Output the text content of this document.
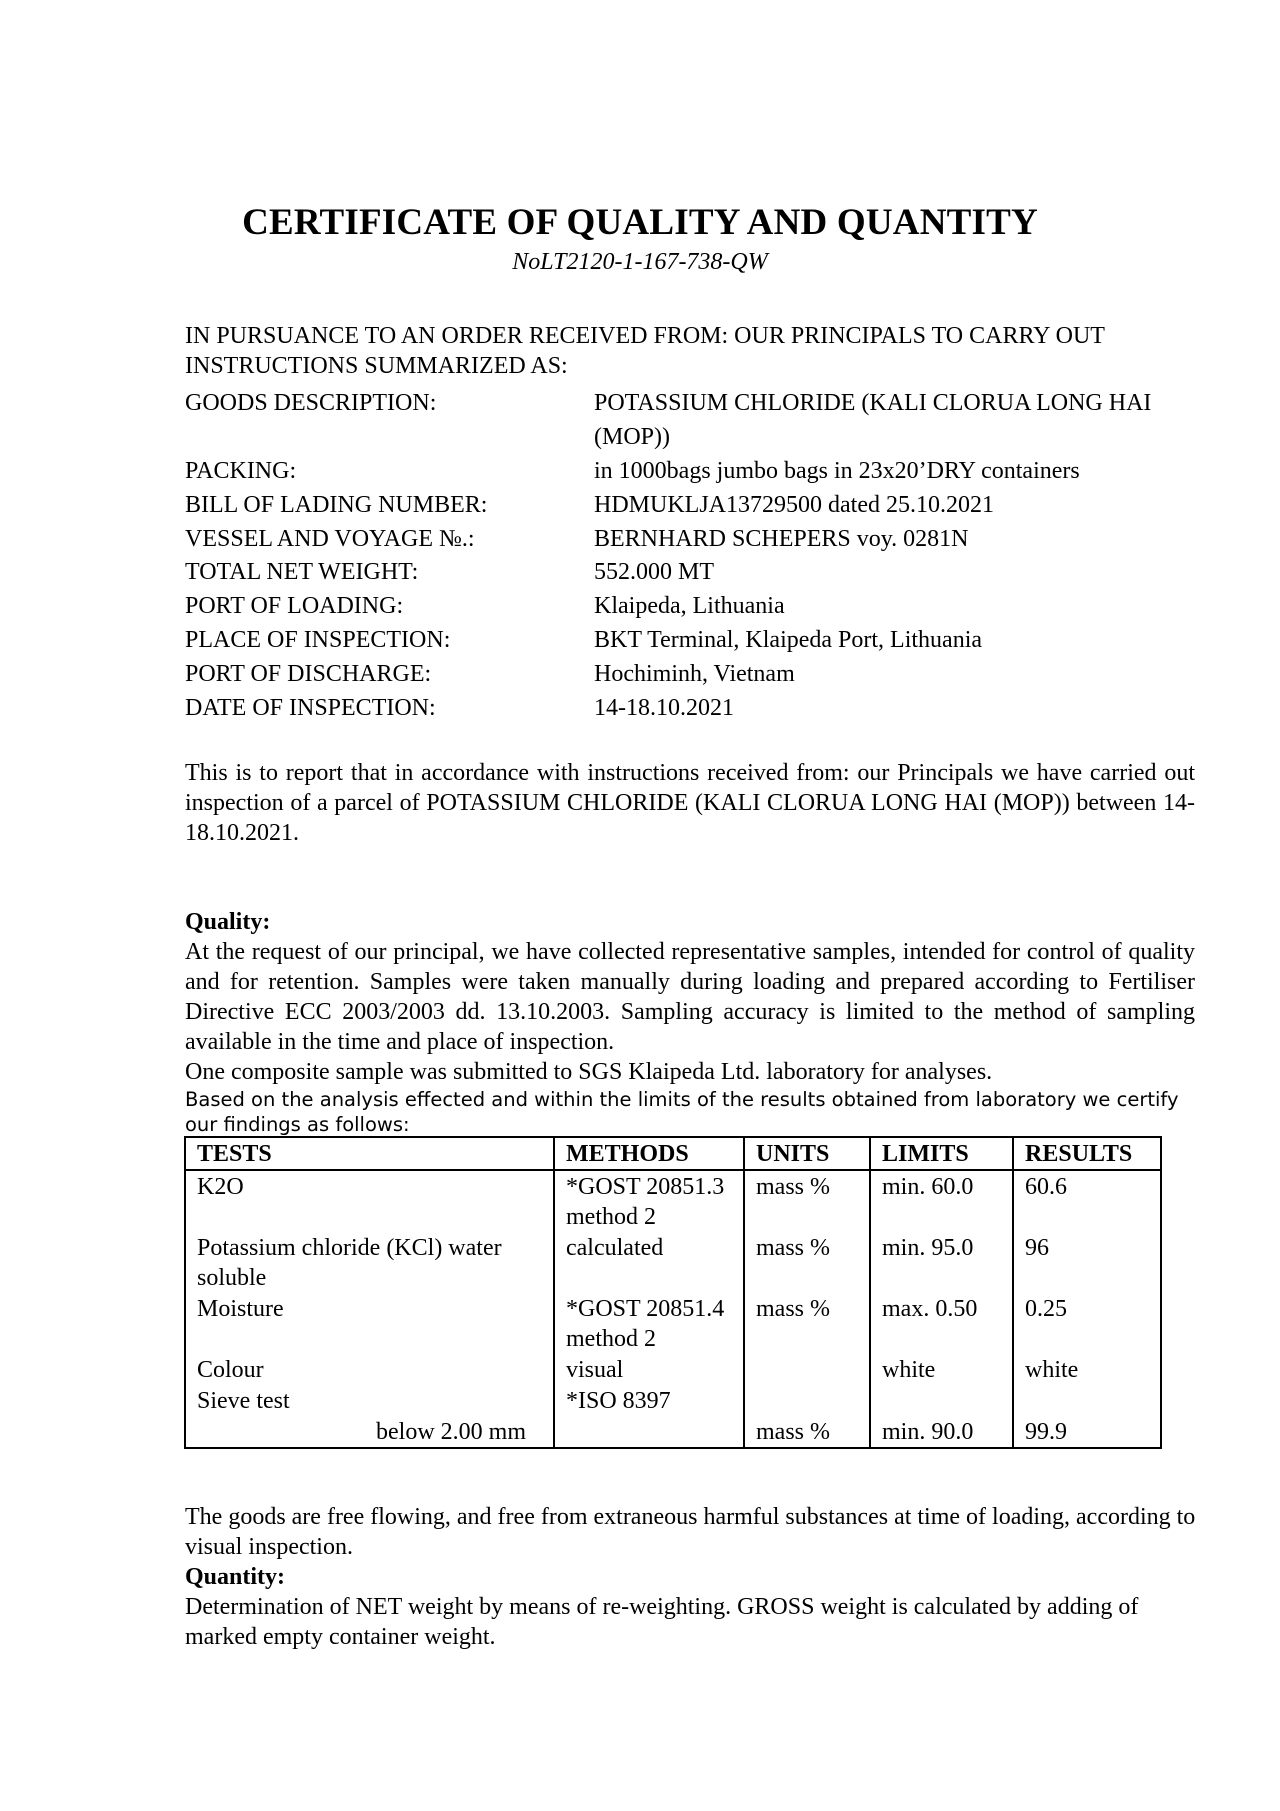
CERTIFICATE OF QUALITY AND QUANTITY
NoLT2120-1-167-738-QW

IN PURSUANCE TO AN ORDER RECEIVED FROM: OUR PRINCIPALS TO CARRY OUT INSTRUCTIONS SUMMARIZED AS:

GOODS DESCRIPTION:	POTASSIUM CHLORIDE (KALI CLORUA LONG HAI (MOP))
PACKING:	in 1000bags jumbo bags in 23x20’DRY containers
BILL OF LADING NUMBER:	HDMUKLJA13729500 dated 25.10.2021
VESSEL AND VOYAGE №.:	BERNHARD SCHEPERS voy. 0281N
TOTAL NET WEIGHT:	552.000 MT
PORT OF LOADING:	Klaipeda, Lithuania
PLACE OF INSPECTION:	BKT Terminal, Klaipeda Port, Lithuania
PORT OF DISCHARGE:	Hochiminh, Vietnam
DATE OF INSPECTION:	14-18.10.2021

This is to report that in accordance with instructions received from: our Principals we have carried out inspection of a parcel of POTASSIUM CHLORIDE (KALI CLORUA LONG HAI (MOP)) between 14-18.10.2021.

Quality:

At the request of our principal, we have collected representative samples, intended for control of quality and for retention. Samples were taken manually during loading and prepared according to Fertiliser Directive ECC 2003/2003 dd. 13.10.2003. Sampling accuracy is limited to the method of sampling available in the time and place of inspection.

One composite sample was submitted to SGS Klaipeda Ltd. laboratory for analyses.

Based on the analysis effected and within the limits of the results obtained from laboratory we certify our findings as follows:

TESTS	METHODS	UNITS	LIMITS	RESULTS
K2O	*GOST 20851.3 method 2	mass %	min. 60.0	60.6
Potassium chloride (KCl) water soluble	calculated	mass %	min. 95.0	96
Moisture	*GOST 20851.4 method 2	mass %	max. 0.50	0.25
Colour	visual		white	white
Sieve test	*ISO 8397			
below 2.00 mm		mass %	min. 90.0	99.9

The goods are free flowing, and free from extraneous harmful substances at time of loading, according to visual inspection.

Quantity:

Determination of NET weight by means of re-weighting. GROSS weight is calculated by adding of marked empty container weight.
